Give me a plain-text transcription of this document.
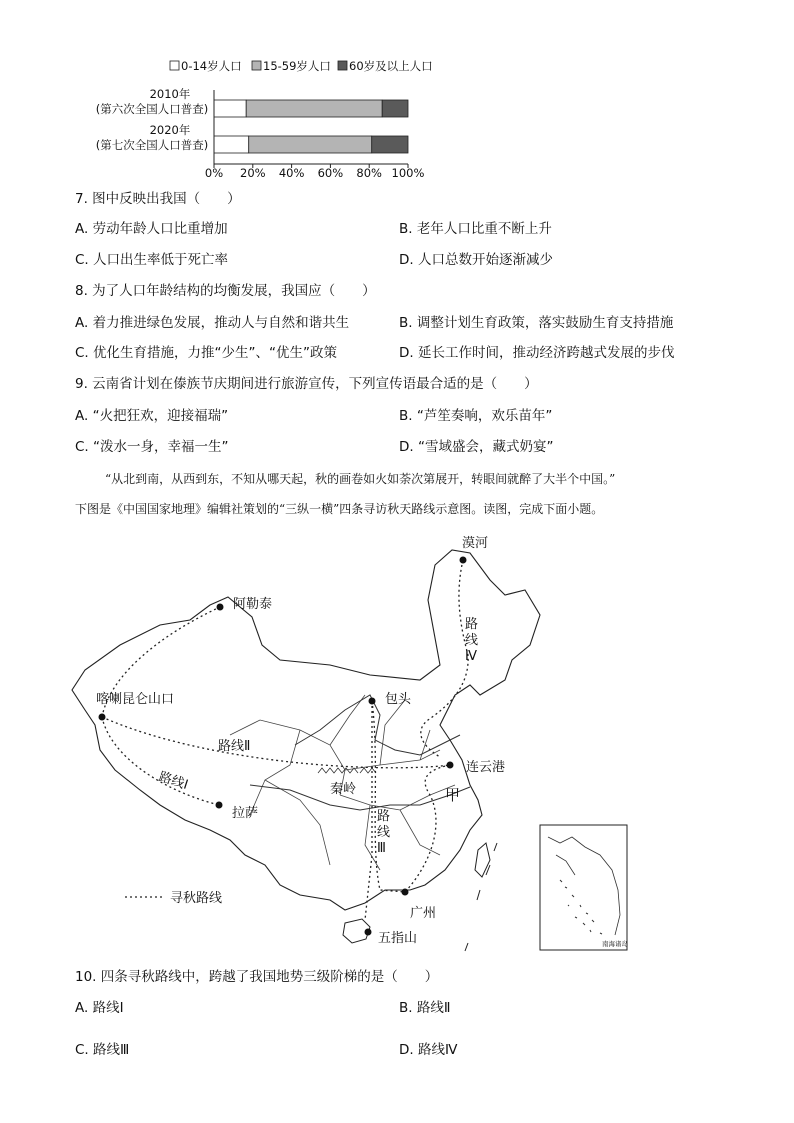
0-14岁人口 15-59岁人口 60岁及以上人口
2010年
(第六次全国人口普查)
2020年
(第七次全国人口普查)
0% 20% 40% 60% 80% 100%
7. 图中反映出我国（　　）
A. 劳动年龄人口比重增加	B. 老年人口比重不断上升
C. 人口出生率低于死亡率	D. 人口总数开始逐渐减少
8. 为了人口年龄结构的均衡发展，我国应（　　）
A. 着力推进绿色发展，推动人与自然和谐共生	B. 调整计划生育政策，落实鼓励生育支持措施
C. 优化生育措施，力推“少生”、“优生”政策	D. 延长工作时间，推动经济跨越式发展的步伐
9. 云南省计划在傣族节庆期间进行旅游宣传，下列宣传语最合适的是（　　）
A. “火把狂欢，迎接福瑞”	B. “芦笙奏响，欢乐苗年”
C. “泼水一身，幸福一生”	D. “雪域盛会，藏式奶宴”
“从北到南，从西到东，不知从哪天起，秋的画卷如火如荼次第展开，转眼间就醉了大半个中国。”
下图是《中国国家地理》编辑社策划的“三纵一横”四条寻访秋天路线示意图。读图，完成下面小题。
漠河
阿勒泰
喀喇昆仑山口	包头
连云港
拉萨
广州
五指山
秦岭	甲
路线Ⅰ
路线Ⅱ
路
线
Ⅲ
路
线
Ⅳ
寻秋路线
南海诸岛
10. 四条寻秋路线中，跨越了我国地势三级阶梯的是（　　）
A. 路线Ⅰ	B. 路线Ⅱ
C. 路线Ⅲ	D. 路线Ⅳ
